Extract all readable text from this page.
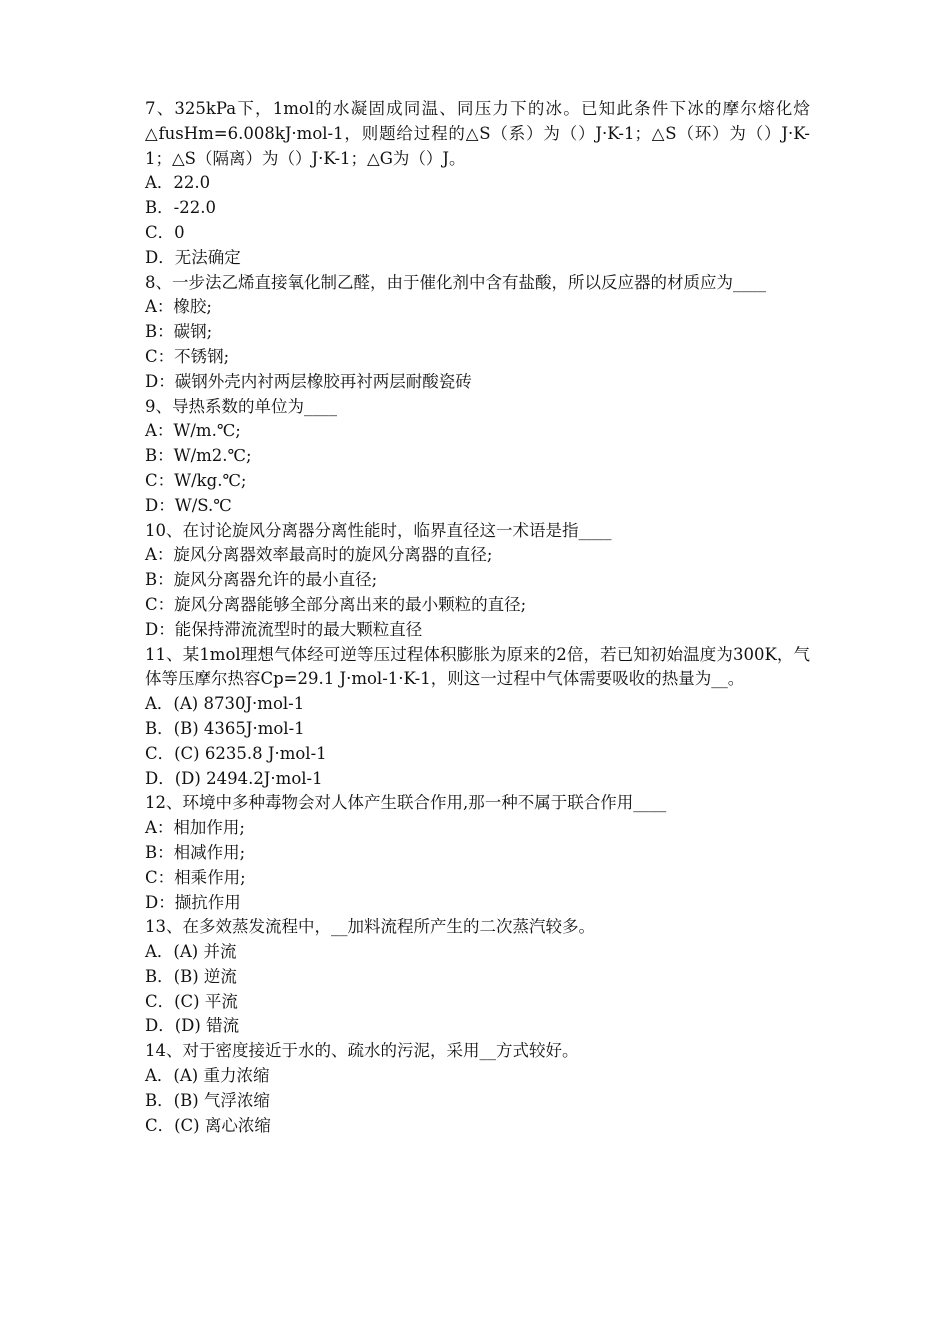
7、325kPa下，1mol的水凝固成同温、同压力下的冰。已知此条件下冰的摩尔熔化焓△fusHm=6.008kJ·mol-1，则题给过程的△S（系）为（）J·K-1；△S（环）为（）J·K-1；△S（隔离）为（）J·K-1；△G为（）J。

A．22.0
B．-22.0
C．0
D．无法确定

8、一步法乙烯直接氧化制乙醛，由于催化剂中含有盐酸，所以反应器的材质应为____

A：橡胶;
B：碳钢;
C：不锈钢;
D：碳钢外壳内衬两层橡胶再衬两层耐酸瓷砖

9、导热系数的单位为____

A：W/m.℃;
B：W/m2.℃;
C：W/kg.℃;
D：W/S.℃

10、在讨论旋风分离器分离性能时，临界直径这一术语是指____

A：旋风分离器效率最高时的旋风分离器的直径;
B：旋风分离器允许的最小直径;
C：旋风分离器能够全部分离出来的最小颗粒的直径;
D：能保持滞流流型时的最大颗粒直径

11、某1mol理想气体经可逆等压过程体积膨胀为原来的2倍，若已知初始温度为300K，气体等压摩尔热容Cp=29.1 J·mol-1·K-1，则这一过程中气体需要吸收的热量为__。

A．(A) 8730J·mol-1
B．(B) 4365J·mol-1
C．(C) 6235.8 J·mol-1
D．(D) 2494.2J·mol-1

12、环境中多种毒物会对人体产生联合作用,那一种不属于联合作用____

A：相加作用;
B：相减作用;
C：相乘作用;
D：撷抗作用

13、在多效蒸发流程中，__加料流程所产生的二次蒸汽较多。

A．(A) 并流
B．(B) 逆流
C．(C) 平流
D．(D) 错流

14、对于密度接近于水的、疏水的污泥，采用__方式较好。

A．(A) 重力浓缩
B．(B) 气浮浓缩
C．(C) 离心浓缩
